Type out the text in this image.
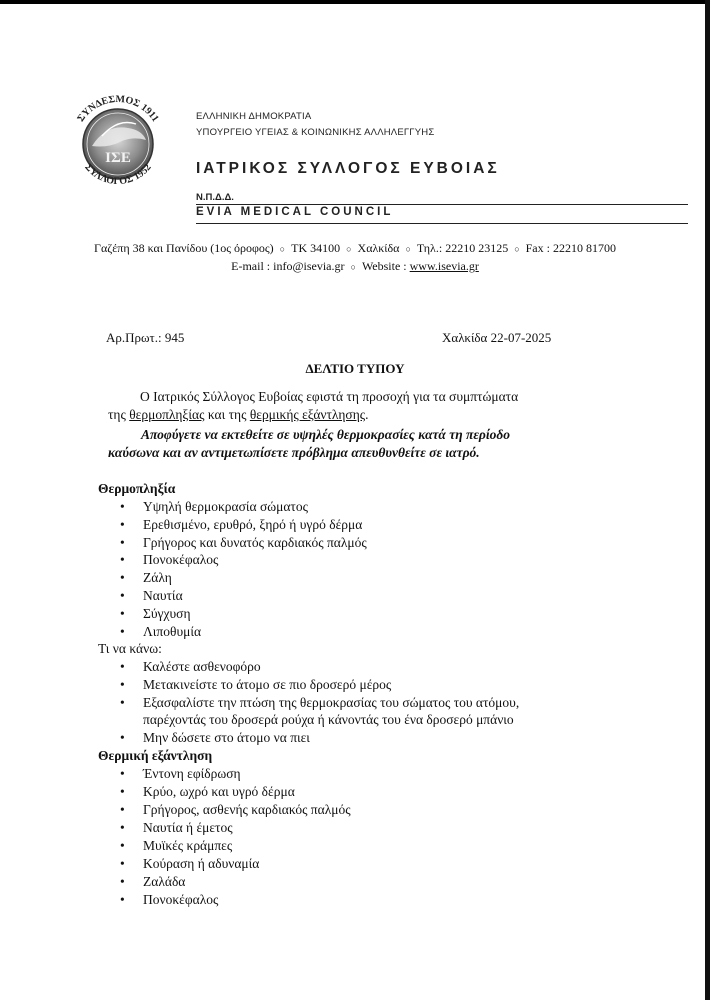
ΙΣΕ
ΣΥΝΔΕΣΜΟΣ 1911
ΣΥΛΛΟΓΟΣ 1952
ΕΛΛΗΝΙΚΗ ΔΗΜΟΚΡΑΤΙΑ
ΥΠΟΥΡΓΕΙΟ ΥΓΕΙΑΣ & ΚΟΙΝΩΝΙΚΗΣ ΑΛΛΗΛΕΓΓΥΗΣ
ΙΑΤΡΙΚΟΣ ΣΥΛΛΟΓΟΣ ΕΥΒΟΙΑΣ
Ν.Π.Δ.Δ.
EVIA MEDICAL COUNCIL
Γαζέπη 38 και Πανίδου (1ος όροφος) ○ ΤΚ 34100 ○ Χαλκίδα ○ Τηλ.: 22210 23125 ○ Fax : 22210 81700
E-mail : info@isevia.gr ○ Website : www.isevia.gr
Αρ.Πρωτ.: 945	Χαλκίδα 22-07-2025
ΔΕΛΤΙΟ ΤΥΠΟΥ
Ο Ιατρικός Σύλλογος Ευβοίας εφιστά τη προσοχή για τα συμπτώματα
της θερμοπληξίας και της θερμικής εξάντλησης.
Αποφύγετε να εκτεθείτε σε υψηλές θερμοκρασίες κατά τη περίοδο
καύσωνα και αν αντιμετωπίσετε πρόβλημα απευθυνθείτε σε ιατρό.
Θερμοπληξία
• Υψηλή θερμοκρασία σώματος
• Ερεθισμένο, ερυθρό, ξηρό ή υγρό δέρμα
• Γρήγορος και δυνατός καρδιακός παλμός
• Πονοκέφαλος
• Ζάλη
• Ναυτία
• Σύγχυση
• Λιποθυμία
Τι να κάνω:
• Καλέστε ασθενοφόρο
• Μετακινείστε το άτομο σε πιο δροσερό μέρος
• Εξασφαλίστε την πτώση της θερμοκρασίας του σώματος του ατόμου,
παρέχοντάς του δροσερά ρούχα ή κάνοντάς του ένα δροσερό μπάνιο
• Μην δώσετε στο άτομο να πιει
Θερμική εξάντληση
• Έντονη εφίδρωση
• Κρύο, ωχρό και υγρό δέρμα
• Γρήγορος, ασθενής καρδιακός παλμός
• Ναυτία ή έμετος
• Μυϊκές κράμπες
• Κούραση ή αδυναμία
• Ζαλάδα
• Πονοκέφαλος
